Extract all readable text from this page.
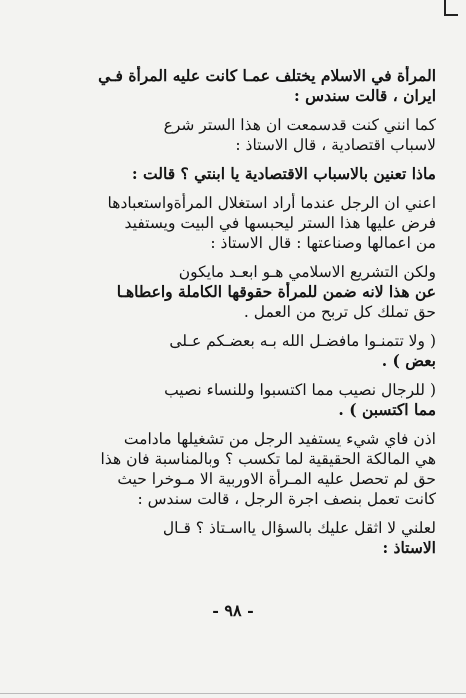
المرأة في الاسلام يختلف عمـا كانت عليه المرأة فـي
ايران ، قالت سندس :
كما انني كنت قدسمعت ان هذا الستر شرع
لاسباب اقتصادية ، قال الاستاذ :
ماذا تعنين بالاسباب الاقتصادية يا ابنتي ؟ قالت :
اعني ان الرجل عندما أراد استغلال المرأةواستعبادها
فرض عليها هذا الستر ليحبسها في البيت ويستفيد
من اعمالها وصناعتها : قال الاستاذ :
ولكن التشريع الاسلامي هـو ابعـد مايكون
عن هذا لانه ضمن للمرأة حقوقها الكاملة واعطاهـا
حق تملك كل تربح من العمل .
( ولا تتمنـوا مافضـل الله بـه بعضـكم عـلى
بعض ) .
( للرجال نصيب مما اكتسبوا وللنساء نصيب
مما اكتسبن ) .
اذن فاي شيء يستفيد الرجل من تشغيلها مادامت
هي المالكة الحقيقية لما تكسب ؟ وبالمناسبة فان هذا
حق لم تحصل عليه المـرأة الاوربية الا مـوخرا حيث
كانت تعمل بنصف اجرة الرجل ، قالت سندس :
لعلني لا اثقل عليك بالسؤال يااسـتاذ ؟ قـال
الاستاذ :
- ٩٨ -
